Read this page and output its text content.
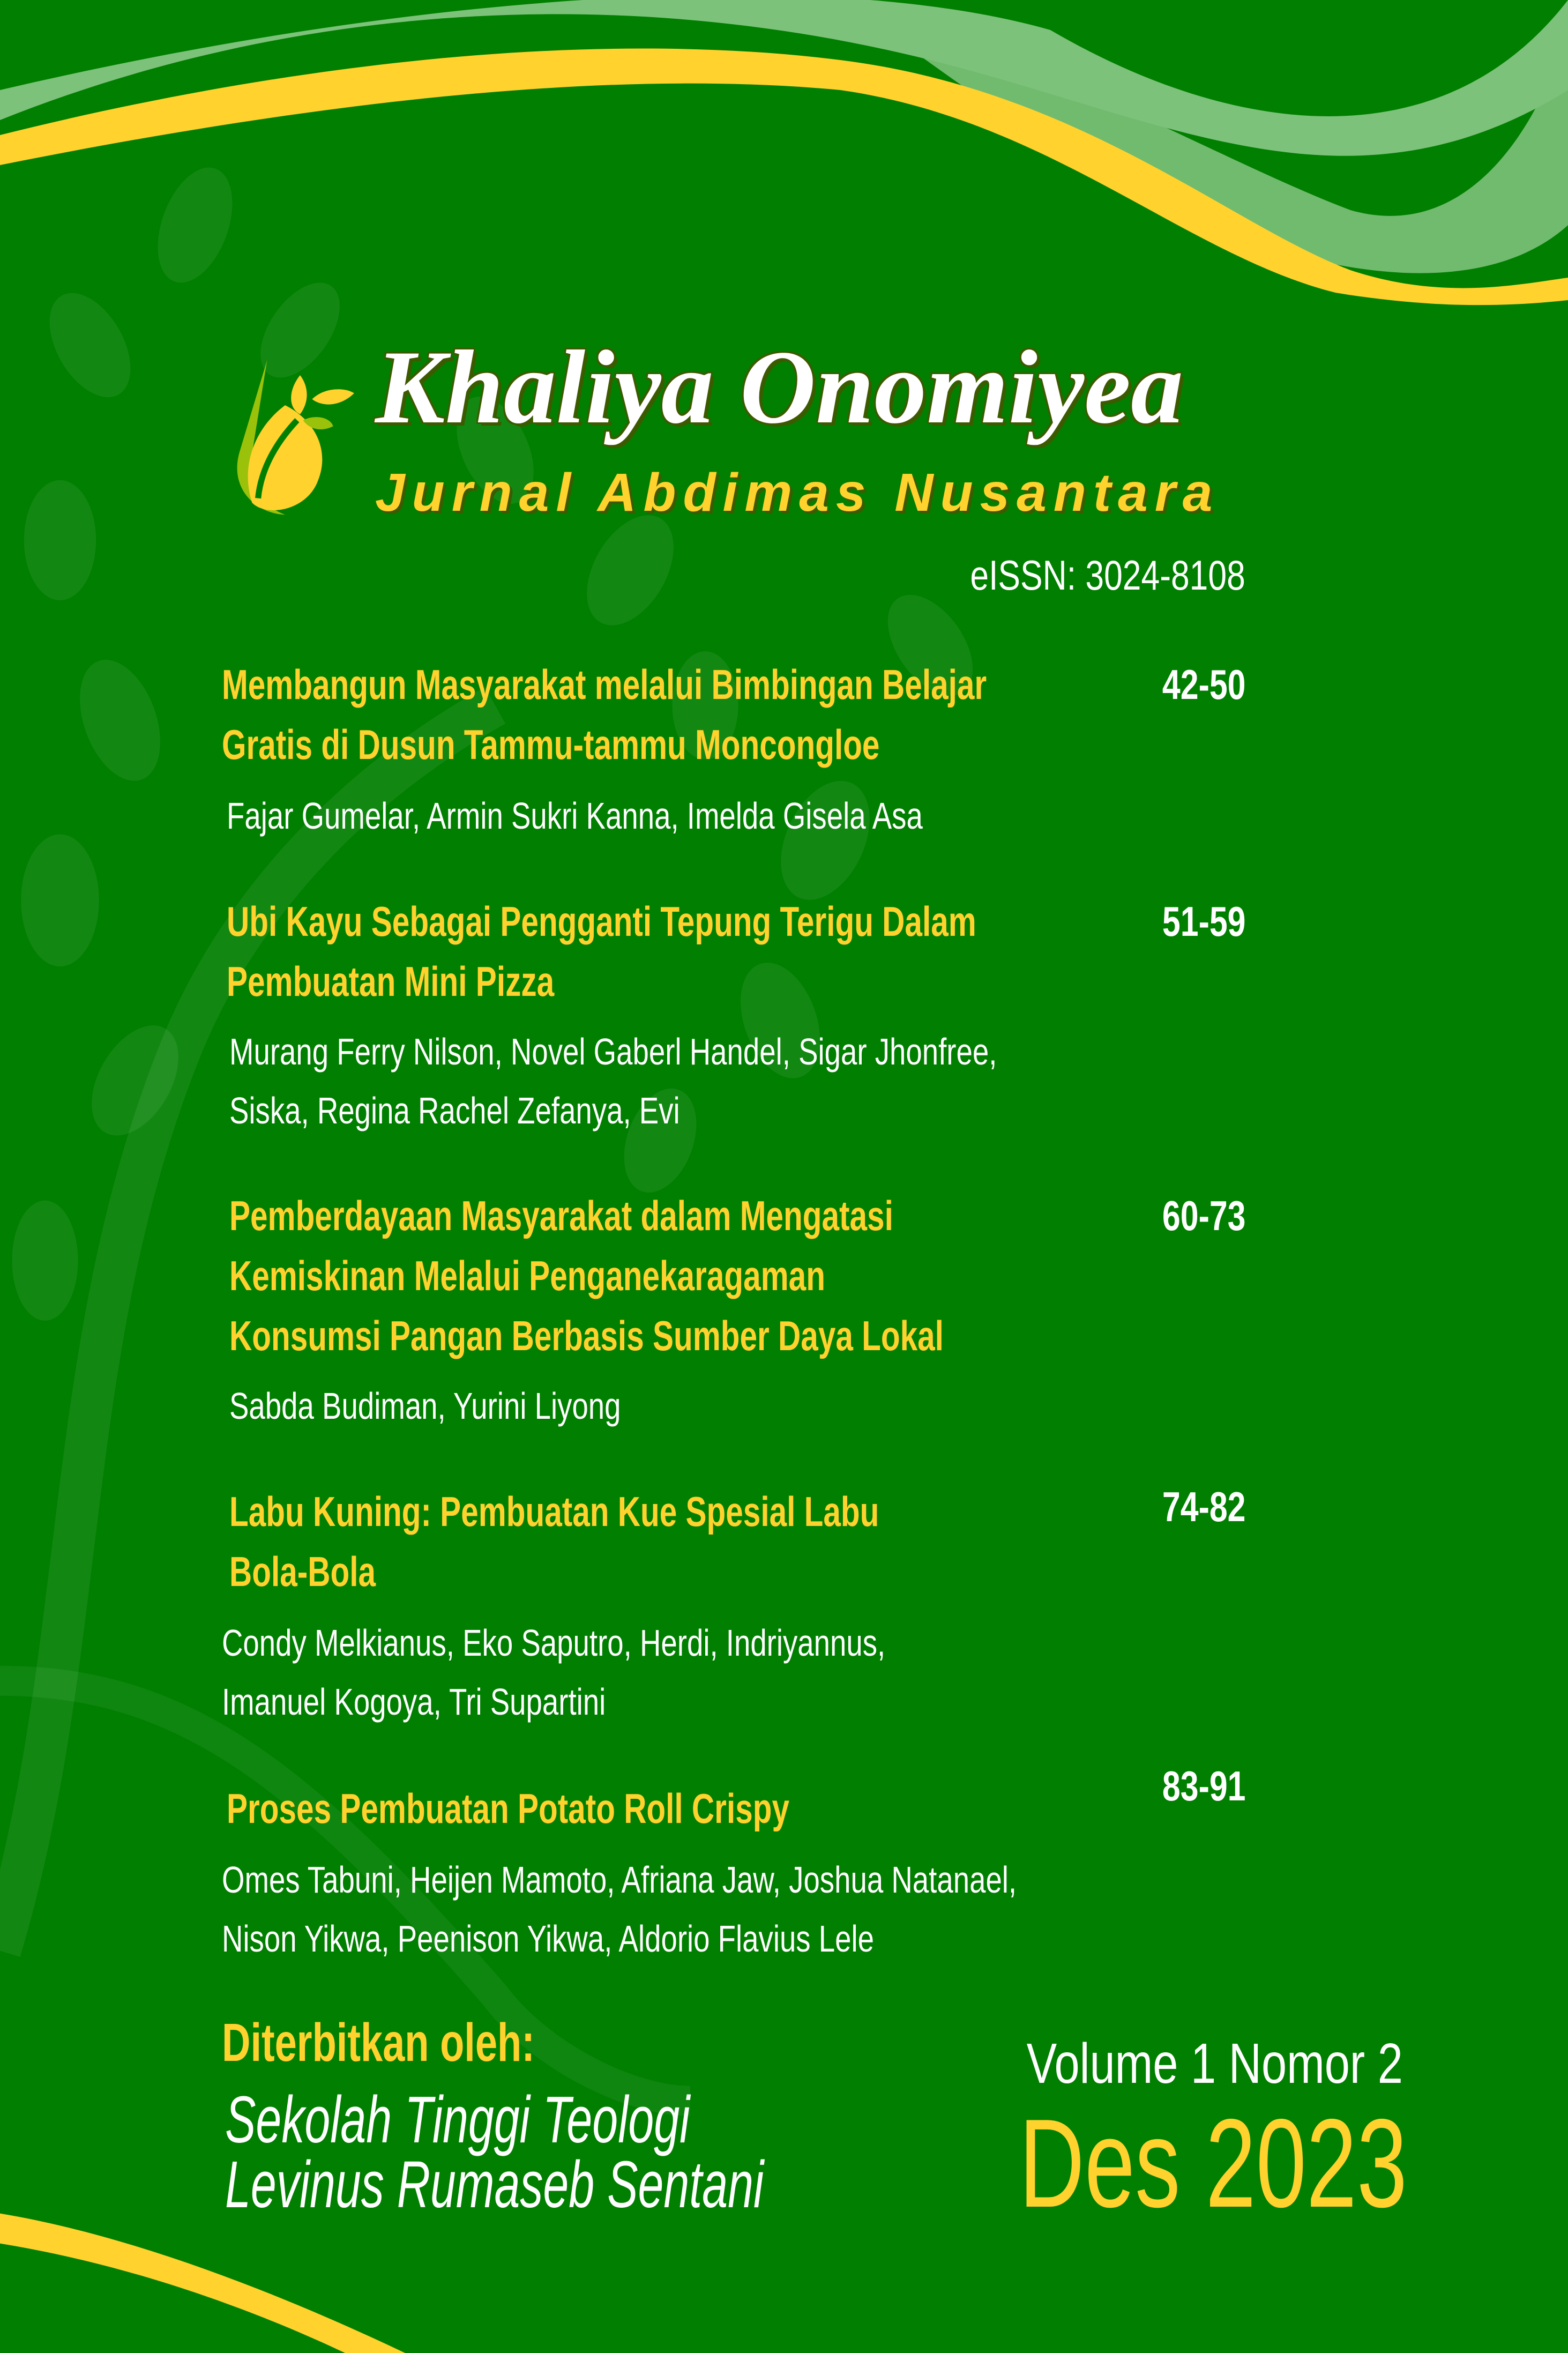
Khaliya Onomiyea
Jurnal Abdimas Nusantara
eISSN: 3024-8108
Membangun Masyarakat melalui Bimbingan Belajar
Gratis di Dusun Tammu-tammu Moncongloe
Fajar Gumelar, Armin Sukri Kanna, Imelda Gisela Asa
42-50
Ubi Kayu Sebagai Pengganti Tepung Terigu Dalam
Pembuatan Mini Pizza
Murang Ferry Nilson, Novel Gaberl Handel, Sigar Jhonfree,
Siska, Regina Rachel Zefanya, Evi
51-59
Pemberdayaan Masyarakat dalam Mengatasi
Kemiskinan Melalui Penganekaragaman
Konsumsi Pangan Berbasis Sumber Daya Lokal
Sabda Budiman, Yurini Liyong
60-73
Labu Kuning: Pembuatan Kue Spesial Labu
Bola-Bola
Condy Melkianus, Eko Saputro, Herdi, Indriyannus,
Imanuel Kogoya, Tri Supartini
74-82
Proses Pembuatan Potato Roll Crispy
Omes Tabuni, Heijen Mamoto, Afriana Jaw, Joshua Natanael,
Nison Yikwa, Peenison Yikwa, Aldorio Flavius Lele
83-91
Diterbitkan oleh:
Sekolah Tinggi Teologi
Levinus Rumaseb Sentani
Volume 1 Nomor 2
Des 2023
